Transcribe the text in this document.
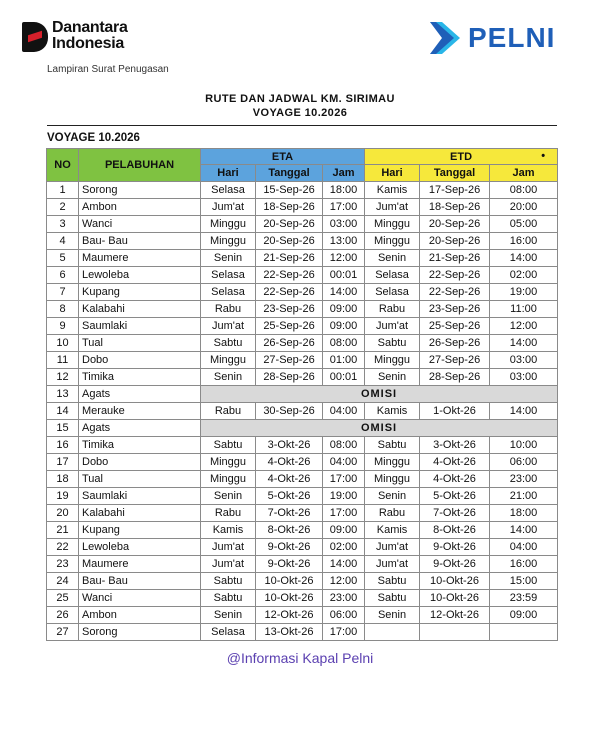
Danantara
Indonesia
Lampiran Surat Penugasan
PELNI
RUTE DAN JADWAL KM. SIRIMAU
VOYAGE 10.2026
VOYAGE 10.2026
NO	PELABUHAN	ETA			ETD •		

		Hari	Tanggal	Jam	Hari	Tanggal	Jam
1	Sorong	Selasa	15-Sep-26	18:00	Kamis	17-Sep-26	08:00
2	Ambon	Jum'at	18-Sep-26	17:00	Jum'at	18-Sep-26	20:00
3	Wanci	Minggu	20-Sep-26	03:00	Minggu	20-Sep-26	05:00
4	Bau- Bau	Minggu	20-Sep-26	13:00	Minggu	20-Sep-26	16:00
5	Maumere	Senin	21-Sep-26	12:00	Senin	21-Sep-26	14:00
6	Lewoleba	Selasa	22-Sep-26	00:01	Selasa	22-Sep-26	02:00
7	Kupang	Selasa	22-Sep-26	14:00	Selasa	22-Sep-26	19:00
8	Kalabahi	Rabu	23-Sep-26	09:00	Rabu	23-Sep-26	11:00
9	Saumlaki	Jum'at	25-Sep-26	09:00	Jum'at	25-Sep-26	12:00
10	Tual	Sabtu	26-Sep-26	08:00	Sabtu	26-Sep-26	14:00
11	Dobo	Minggu	27-Sep-26	01:00	Minggu	27-Sep-26	03:00
12	Timika	Senin	28-Sep-26	00:01	Senin	28-Sep-26	03:00
13	Agats	OMISI					
14	Merauke	Rabu	30-Sep-26	04:00	Kamis	1-Okt-26	14:00
15	Agats	OMISI					
16	Timika	Sabtu	3-Okt-26	08:00	Sabtu	3-Okt-26	10:00
17	Dobo	Minggu	4-Okt-26	04:00	Minggu	4-Okt-26	06:00
18	Tual	Minggu	4-Okt-26	17:00	Minggu	4-Okt-26	23:00
19	Saumlaki	Senin	5-Okt-26	19:00	Senin	5-Okt-26	21:00
20	Kalabahi	Rabu	7-Okt-26	17:00	Rabu	7-Okt-26	18:00
21	Kupang	Kamis	8-Okt-26	09:00	Kamis	8-Okt-26	14:00
22	Lewoleba	Jum'at	9-Okt-26	02:00	Jum'at	9-Okt-26	04:00
23	Maumere	Jum'at	9-Okt-26	14:00	Jum'at	9-Okt-26	16:00
24	Bau- Bau	Sabtu	10-Okt-26	12:00	Sabtu	10-Okt-26	15:00
25	Wanci	Sabtu	10-Okt-26	23:00	Sabtu	10-Okt-26	23:59
26	Ambon	Senin	12-Okt-26	06:00	Senin	12-Okt-26	09:00
27	Sorong	Selasa	13-Okt-26	17:00			
@Informasi Kapal Pelni
